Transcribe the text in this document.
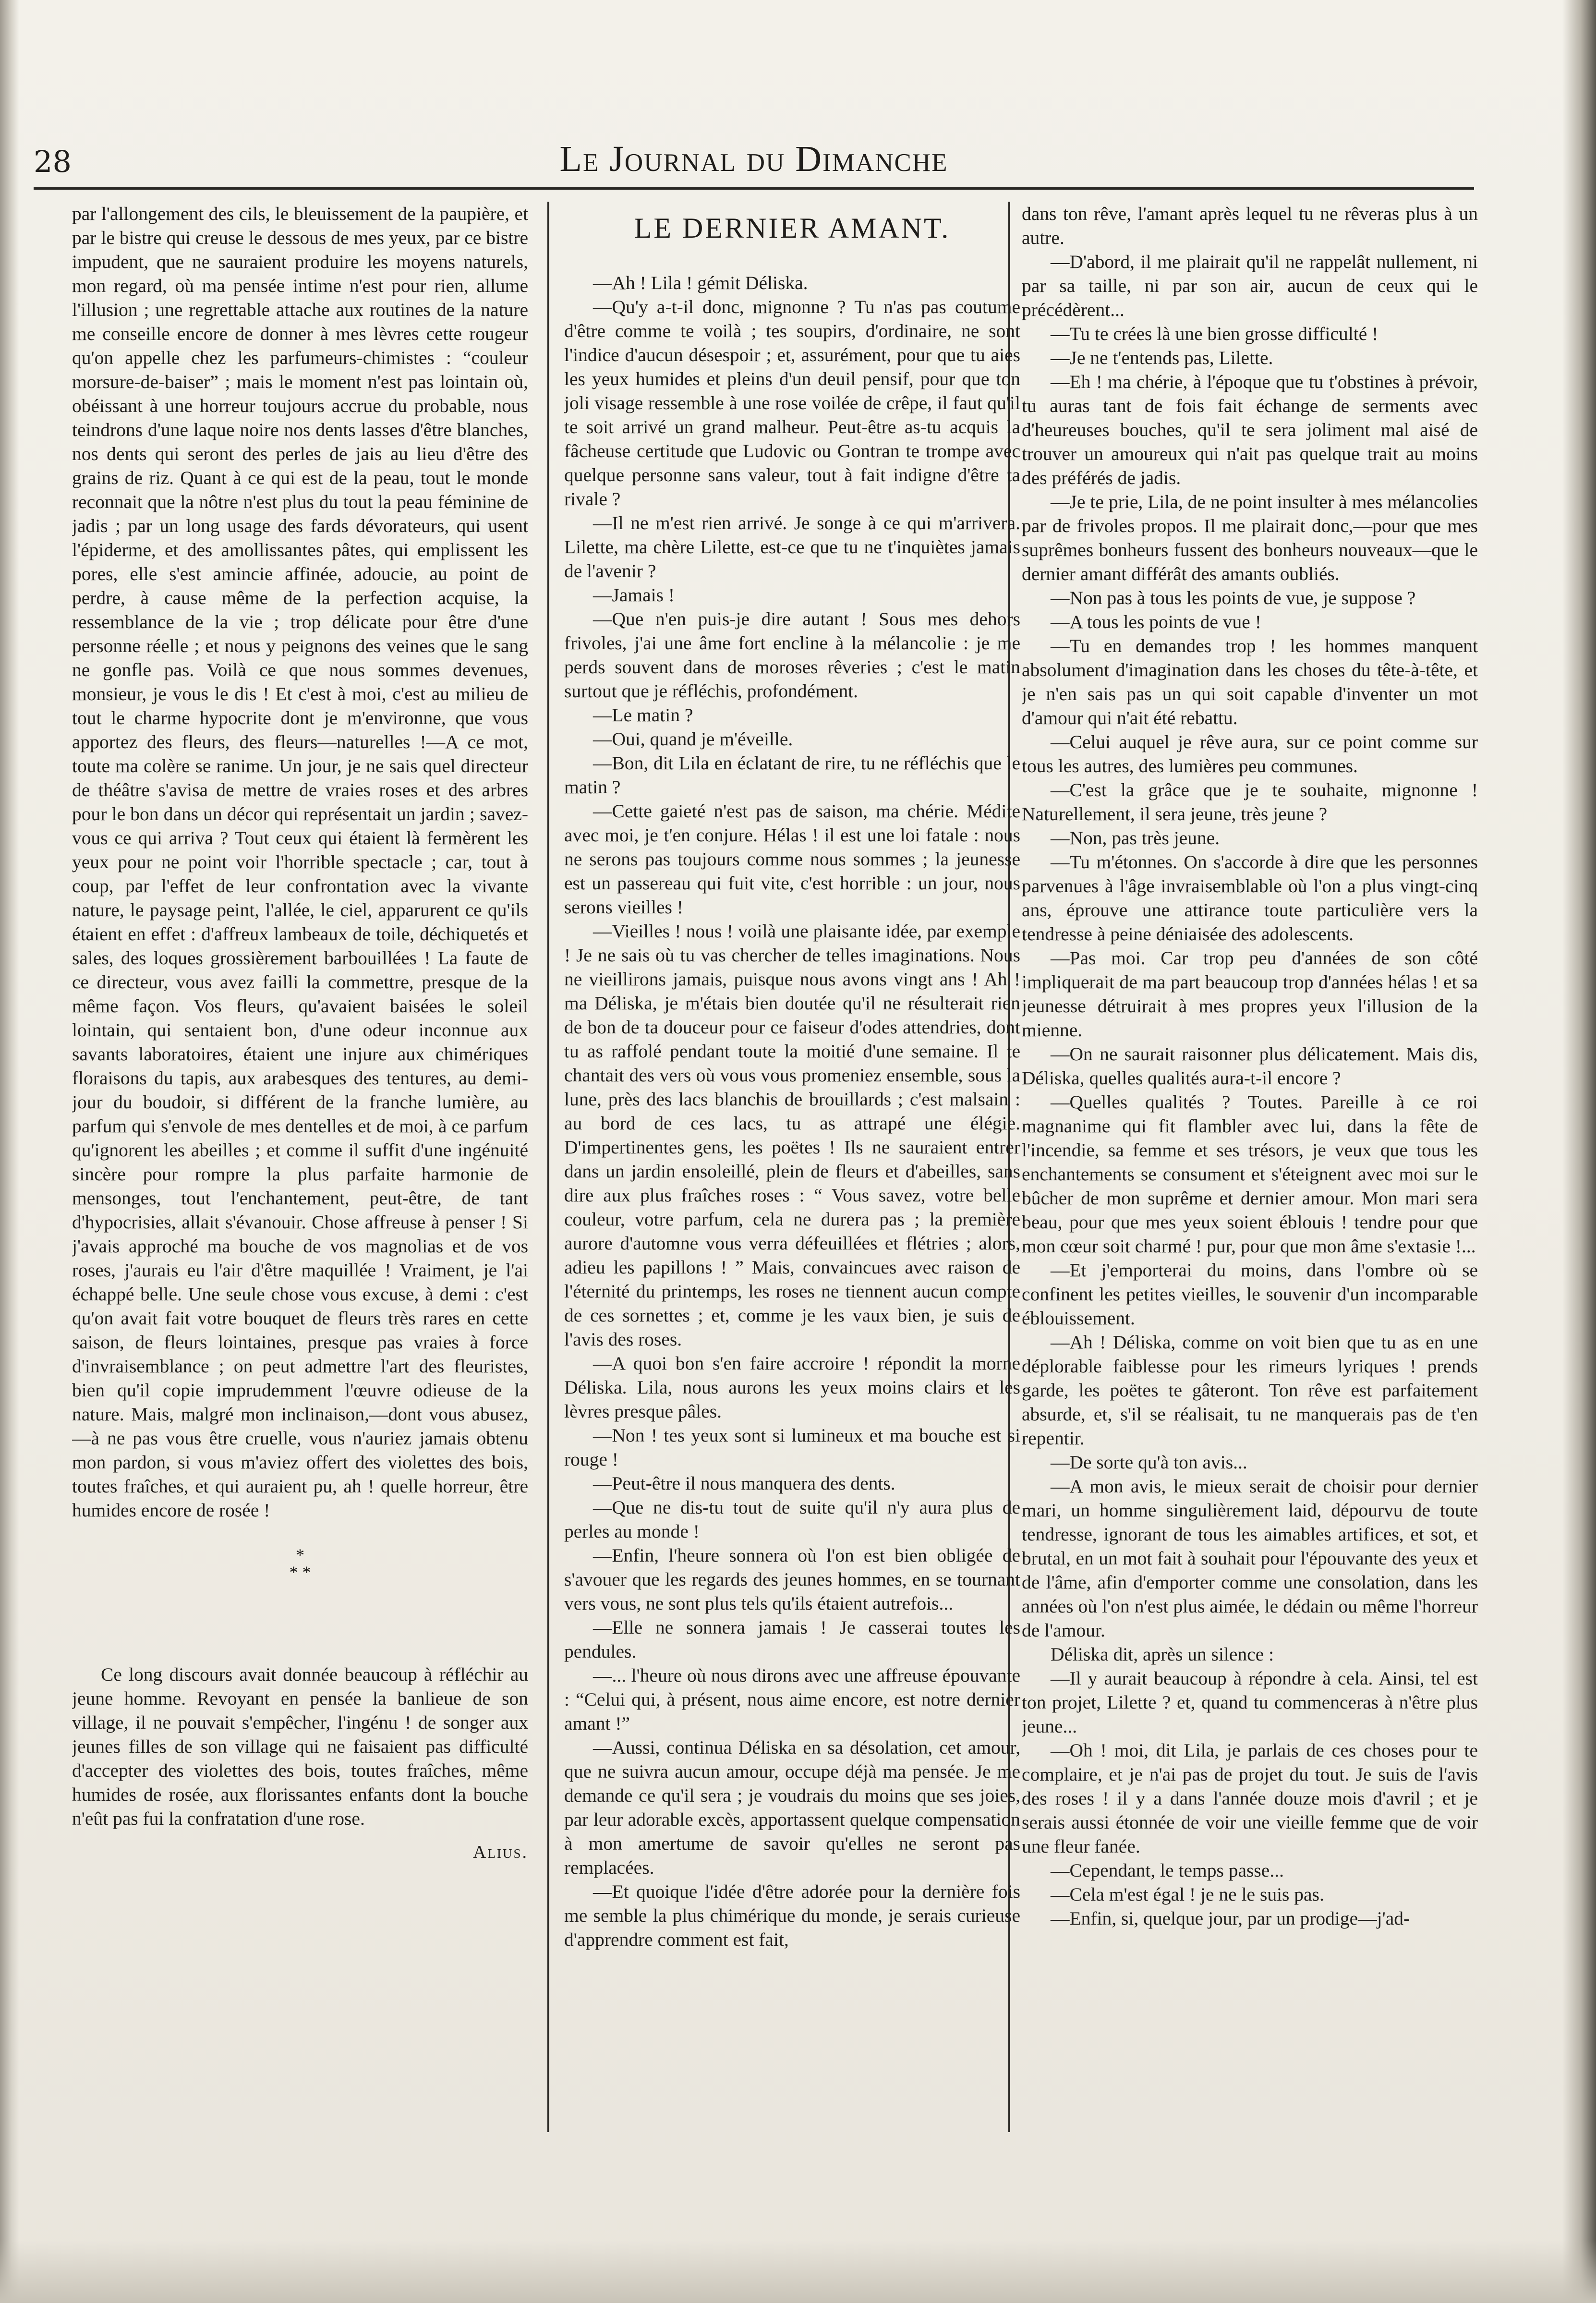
28	Le Journal du Dimanche

par l'allongement des cils, le bleuissement de la paupière, et par le bistre qui creuse le dessous de mes yeux, par ce bistre impudent, que ne sauraient produire les moyens naturels, mon regard, où ma pensée intime n'est pour rien, allume l'illusion ; une regrettable attache aux routines de la nature me conseille encore de donner à mes lèvres cette rougeur qu'on appelle chez les parfumeurs-chimistes : “couleur morsure-de-baiser” ; mais le moment n'est pas lointain où, obéissant à une horreur toujours accrue du probable, nous teindrons d'une laque noire nos dents lasses d'être blanches, nos dents qui seront des perles de jais au lieu d'être des grains de riz. Quant à ce qui est de la peau, tout le monde reconnait que la nôtre n'est plus du tout la peau féminine de jadis ; par un long usage des fards dévorateurs, qui usent l'épiderme, et des amollissantes pâtes, qui emplissent les pores, elle s'est amincie affinée, adoucie, au point de perdre, à cause même de la perfection acquise, la ressemblance de la vie ; trop délicate pour être d'une personne réelle ; et nous y peignons des veines que le sang ne gonfle pas. Voilà ce que nous sommes devenues, monsieur, je vous le dis ! Et c'est à moi, c'est au milieu de tout le charme hypocrite dont je m'environne, que vous apportez des fleurs, des fleurs—naturelles !—A ce mot, toute ma colère se ranime. Un jour, je ne sais quel directeur de théâtre s'avisa de mettre de vraies roses et des arbres pour le bon dans un décor qui représentait un jardin ; savez-vous ce qui arriva ? Tout ceux qui étaient là fermèrent les yeux pour ne point voir l'horrible spectacle ; car, tout à coup, par l'effet de leur confrontation avec la vivante nature, le paysage peint, l'allée, le ciel, apparurent ce qu'ils étaient en effet : d'affreux lambeaux de toile, déchiquetés et sales, des loques grossièrement barbouillées ! La faute de ce directeur, vous avez failli la commettre, presque de la même façon. Vos fleurs, qu'avaient baisées le soleil lointain, qui sentaient bon, d'une odeur inconnue aux savants laboratoires, étaient une injure aux chimériques floraisons du tapis, aux arabesques des tentures, au demi-jour du boudoir, si différent de la franche lumière, au parfum qui s'envole de mes dentelles et de moi, à ce parfum qu'ignorent les abeilles ; et comme il suffit d'une ingénuité sincère pour rompre la plus parfaite harmonie de mensonges, tout l'enchantement, peut-être, de tant d'hypocrisies, allait s'évanouir. Chose affreuse à penser ! Si j'avais approché ma bouche de vos magnolias et de vos roses, j'aurais eu l'air d'être maquillée ! Vraiment, je l'ai échappé belle. Une seule chose vous excuse, à demi : c'est qu'on avait fait votre bouquet de fleurs très rares en cette saison, de fleurs lointaines, presque pas vraies à force d'invraisemblance ; on peut admettre l'art des fleuristes, bien qu'il copie imprudemment l'œuvre odieuse de la nature. Mais, malgré mon inclinaison,—dont vous abusez,—à ne pas vous être cruelle, vous n'auriez jamais obtenu mon pardon, si vous m'aviez offert des violettes des bois, toutes fraîches, et qui auraient pu, ah ! quelle horreur, être humides encore de rosée !

*
* *

Ce long discours avait donnée beaucoup à réfléchir au jeune homme. Revoyant en pensée la banlieue de son village, il ne pouvait s'empêcher, l'ingénu ! de songer aux jeunes filles de son village qui ne faisaient pas difficulté d'accepter des violettes des bois, toutes fraîches, même humides de rosée, aux florissantes enfants dont la bouche n'eût pas fui la confratation d'une rose.

Alius.
LE DERNIER AMANT.

—Ah ! Lila ! gémit Déliska.

—Qu'y a-t-il donc, mignonne ? Tu n'as pas coutume d'être comme te voilà ; tes soupirs, d'ordinaire, ne sont l'indice d'aucun désespoir ; et, assurément, pour que tu aies les yeux humides et pleins d'un deuil pensif, pour que ton joli visage ressemble à une rose voilée de crêpe, il faut qu'il te soit arrivé un grand malheur. Peut-être as-tu acquis la fâcheuse certitude que Ludovic ou Gontran te trompe avec quelque personne sans valeur, tout à fait indigne d'être ta rivale ?

—Il ne m'est rien arrivé. Je songe à ce qui m'arrivera. Lilette, ma chère Lilette, est-ce que tu ne t'inquiètes jamais de l'avenir ?

—Jamais !

—Que n'en puis-je dire autant ! Sous mes dehors frivoles, j'ai une âme fort encline à la mélancolie : je me perds souvent dans de moroses rêveries ; c'est le matin surtout que je réfléchis, profondément.

—Le matin ?

—Oui, quand je m'éveille.

—Bon, dit Lila en éclatant de rire, tu ne réfléchis que le matin ?

—Cette gaieté n'est pas de saison, ma chérie. Médite avec moi, je t'en conjure. Hélas ! il est une loi fatale : nous ne serons pas toujours comme nous sommes ; la jeunesse est un passereau qui fuit vite, c'est horrible : un jour, nous serons vieilles !

—Vieilles ! nous ! voilà une plaisante idée, par exemple ! Je ne sais où tu vas chercher de telles imaginations. Nous ne vieillirons jamais, puisque nous avons vingt ans ! Ah ! ma Déliska, je m'étais bien doutée qu'il ne résulterait rien de bon de ta douceur pour ce faiseur d'odes attendries, dont tu as raffolé pendant toute la moitié d'une semaine. Il te chantait des vers où vous vous promeniez ensemble, sous la lune, près des lacs blanchis de brouillards ; c'est malsain : au bord de ces lacs, tu as attrapé une élégie. D'impertinentes gens, les poëtes ! Ils ne sauraient entrer dans un jardin ensoleillé, plein de fleurs et d'abeilles, sans dire aux plus fraîches roses : “ Vous savez, votre belle couleur, votre parfum, cela ne durera pas ; la première aurore d'automne vous verra défeuillées et flétries ; alors, adieu les papillons ! ” Mais, convaincues avec raison de l'éternité du printemps, les roses ne tiennent aucun compte de ces sornettes ; et, comme je les vaux bien, je suis de l'avis des roses.

—A quoi bon s'en faire accroire ! répondit la morne Déliska. Lila, nous aurons les yeux moins clairs et les lèvres presque pâles.

—Non ! tes yeux sont si lumineux et ma bouche est si rouge !

—Peut-être il nous manquera des dents.

—Que ne dis-tu tout de suite qu'il n'y aura plus de perles au monde !

—Enfin, l'heure sonnera où l'on est bien obligée de s'avouer que les regards des jeunes hommes, en se tournant vers vous, ne sont plus tels qu'ils étaient autrefois...

—Elle ne sonnera jamais ! Je casserai toutes les pendules.

—... l'heure où nous dirons avec une affreuse épouvante : “Celui qui, à présent, nous aime encore, est notre dernier amant !”

—Aussi, continua Déliska en sa désolation, cet amour, que ne suivra aucun amour, occupe déjà ma pensée. Je me demande ce qu'il sera ; je voudrais du moins que ses joies, par leur adorable excès, apportassent quelque compensation à mon amertume de savoir qu'elles ne seront pas remplacées.

—Et quoique l'idée d'être adorée pour la dernière fois me semble la plus chimérique du monde, je serais curieuse d'apprendre comment est fait,

dans ton rêve, l'amant après lequel tu ne rêveras plus à un autre.

—D'abord, il me plairait qu'il ne rappelât nullement, ni par sa taille, ni par son air, aucun de ceux qui le précédèrent...

—Tu te crées là une bien grosse difficulté !

—Je ne t'entends pas, Lilette.

—Eh ! ma chérie, à l'époque que tu t'obstines à prévoir, tu auras tant de fois fait échange de serments avec d'heureuses bouches, qu'il te sera joliment mal aisé de trouver un amoureux qui n'ait pas quelque trait au moins des préférés de jadis.

—Je te prie, Lila, de ne point insulter à mes mélancolies par de frivoles propos. Il me plairait donc,—pour que mes suprêmes bonheurs fussent des bonheurs nouveaux—que le dernier amant différât des amants oubliés.

—Non pas à tous les points de vue, je suppose ?

—A tous les points de vue !

—Tu en demandes trop ! les hommes manquent absolument d'imagination dans les choses du tête-à-tête, et je n'en sais pas un qui soit capable d'inventer un mot d'amour qui n'ait été rebattu.

—Celui auquel je rêve aura, sur ce point comme sur tous les autres, des lumières peu communes.

—C'est la grâce que je te souhaite, mignonne ! Naturellement, il sera jeune, très jeune ?

—Non, pas très jeune.

—Tu m'étonnes. On s'accorde à dire que les personnes parvenues à l'âge invraisemblable où l'on a plus vingt-cinq ans, éprouve une attirance toute particulière vers la tendresse à peine déniaisée des adolescents.

—Pas moi. Car trop peu d'années de son côté impliquerait de ma part beaucoup trop d'années hélas ! et sa jeunesse détruirait à mes propres yeux l'illusion de la mienne.

—On ne saurait raisonner plus délicatement. Mais dis, Déliska, quelles qualités aura-t-il encore ?

—Quelles qualités ? Toutes. Pareille à ce roi magnanime qui fit flambler avec lui, dans la fête de l'incendie, sa femme et ses trésors, je veux que tous les enchantements se consument et s'éteignent avec moi sur le bûcher de mon suprême et dernier amour. Mon mari sera beau, pour que mes yeux soient éblouis ! tendre pour que mon cœur soit charmé ! pur, pour que mon âme s'extasie !...

—Et j'emporterai du moins, dans l'ombre où se confinent les petites vieilles, le souvenir d'un incomparable éblouissement.

—Ah ! Déliska, comme on voit bien que tu as en une déplorable faiblesse pour les rimeurs lyriques ! prends garde, les poëtes te gâteront. Ton rêve est parfaitement absurde, et, s'il se réalisait, tu ne manquerais pas de t'en repentir.

—De sorte qu'à ton avis...

—A mon avis, le mieux serait de choisir pour dernier mari, un homme singulièrement laid, dépourvu de toute tendresse, ignorant de tous les aimables artifices, et sot, et brutal, en un mot fait à souhait pour l'épouvante des yeux et de l'âme, afin d'emporter comme une consolation, dans les années où l'on n'est plus aimée, le dédain ou même l'horreur de l'amour.

Déliska dit, après un silence :

—Il y aurait beaucoup à répondre à cela. Ainsi, tel est ton projet, Lilette ? et, quand tu commenceras à n'être plus jeune...

—Oh ! moi, dit Lila, je parlais de ces choses pour te complaire, et je n'ai pas de projet du tout. Je suis de l'avis des roses ! il y a dans l'année douze mois d'avril ; et je serais aussi étonnée de voir une vieille femme que de voir une fleur fanée.

—Cependant, le temps passe...

—Cela m'est égal ! je ne le suis pas.

—Enfin, si, quelque jour, par un prodige—j'ad-
